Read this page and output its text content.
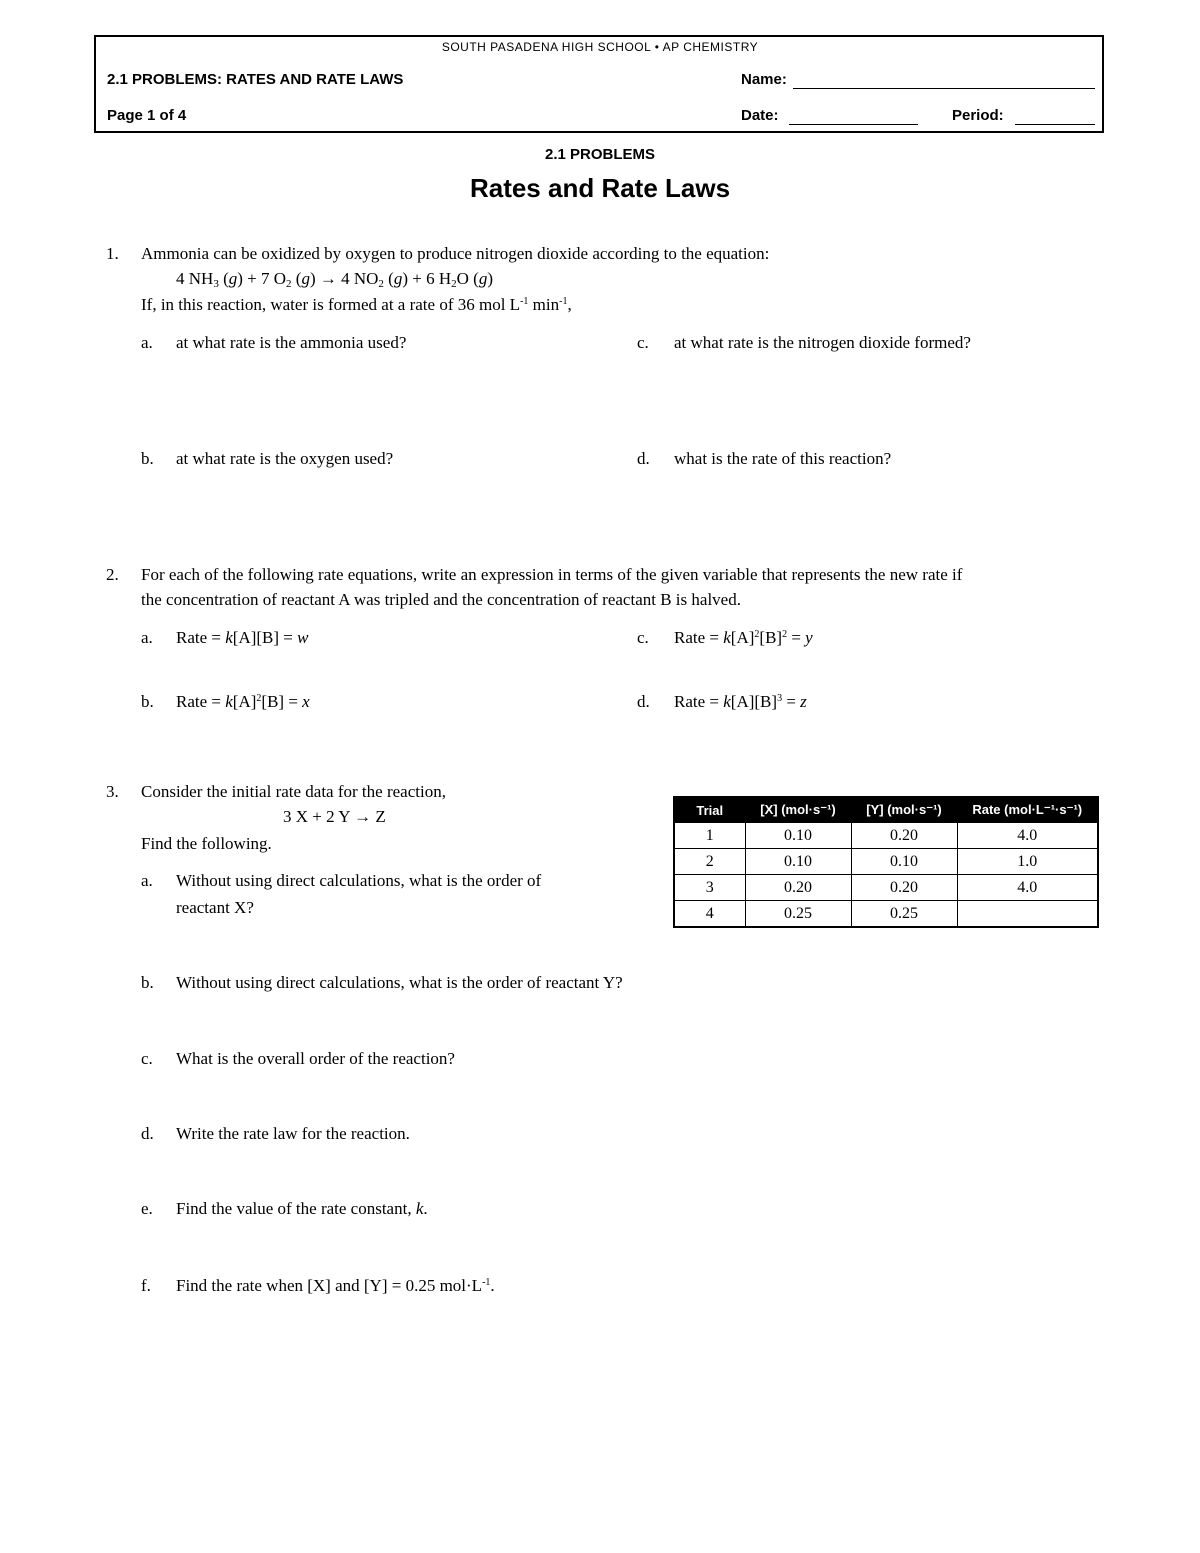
SOUTH PASADENA HIGH SCHOOL • AP CHEMISTRY
2.1 PROBLEMS: RATES AND RATE LAWS
Page 1 of 4
Name:
Date:	Period:
2.1 PROBLEMS
Rates and Rate Laws
1. Ammonia can be oxidized by oxygen to produce nitrogen dioxide according to the equation:
4 $NH_3$ (g) + 7 $O_2$ (g) → 4 $NO_2$ (g) + 6 $H_2O$ (g)
If, in this reaction, water is formed at a rate of 36 mol $L^{-1}$ $\min^{-1}$,
a. at what rate is the ammonia used?	c. at what rate is the nitrogen dioxide formed?
b. at what rate is the oxygen used?	d. what is the rate of this reaction?
2. For each of the following rate equations, write an expression in terms of the given variable that represents the new rate if
the concentration of reactant A was tripled and the concentration of reactant B is halved.
a. Rate = k[A][B] = w	c. Rate = $k[A]^2[B]^2 = y$
b. Rate = $k[A]^2[B] = x$	d. Rate = $k[A][B]^3 = z$
3. Consider the initial rate data for the reaction,
3 X + 2 Y → Z
Find the following.
a. Without using direct calculations, what is the order of
reactant X?
b. Without using direct calculations, what is the order of reactant Y?
c. What is the overall order of the reaction?
d. Write the rate law for the reaction.
e. Find the value of the rate constant, k.
f. Find the rate when [X] and [Y] = 0.25 $mol\cdot L^{-1}$.
Trial	[X] (mol·s⁻¹)	[Y] (mol·s⁻¹)	Rate (mol·L⁻¹·s⁻¹)
1	0.10	0.20	4.0
2	0.10	0.10	1.0
3	0.20	0.20	4.0
4	0.25	0.25	
